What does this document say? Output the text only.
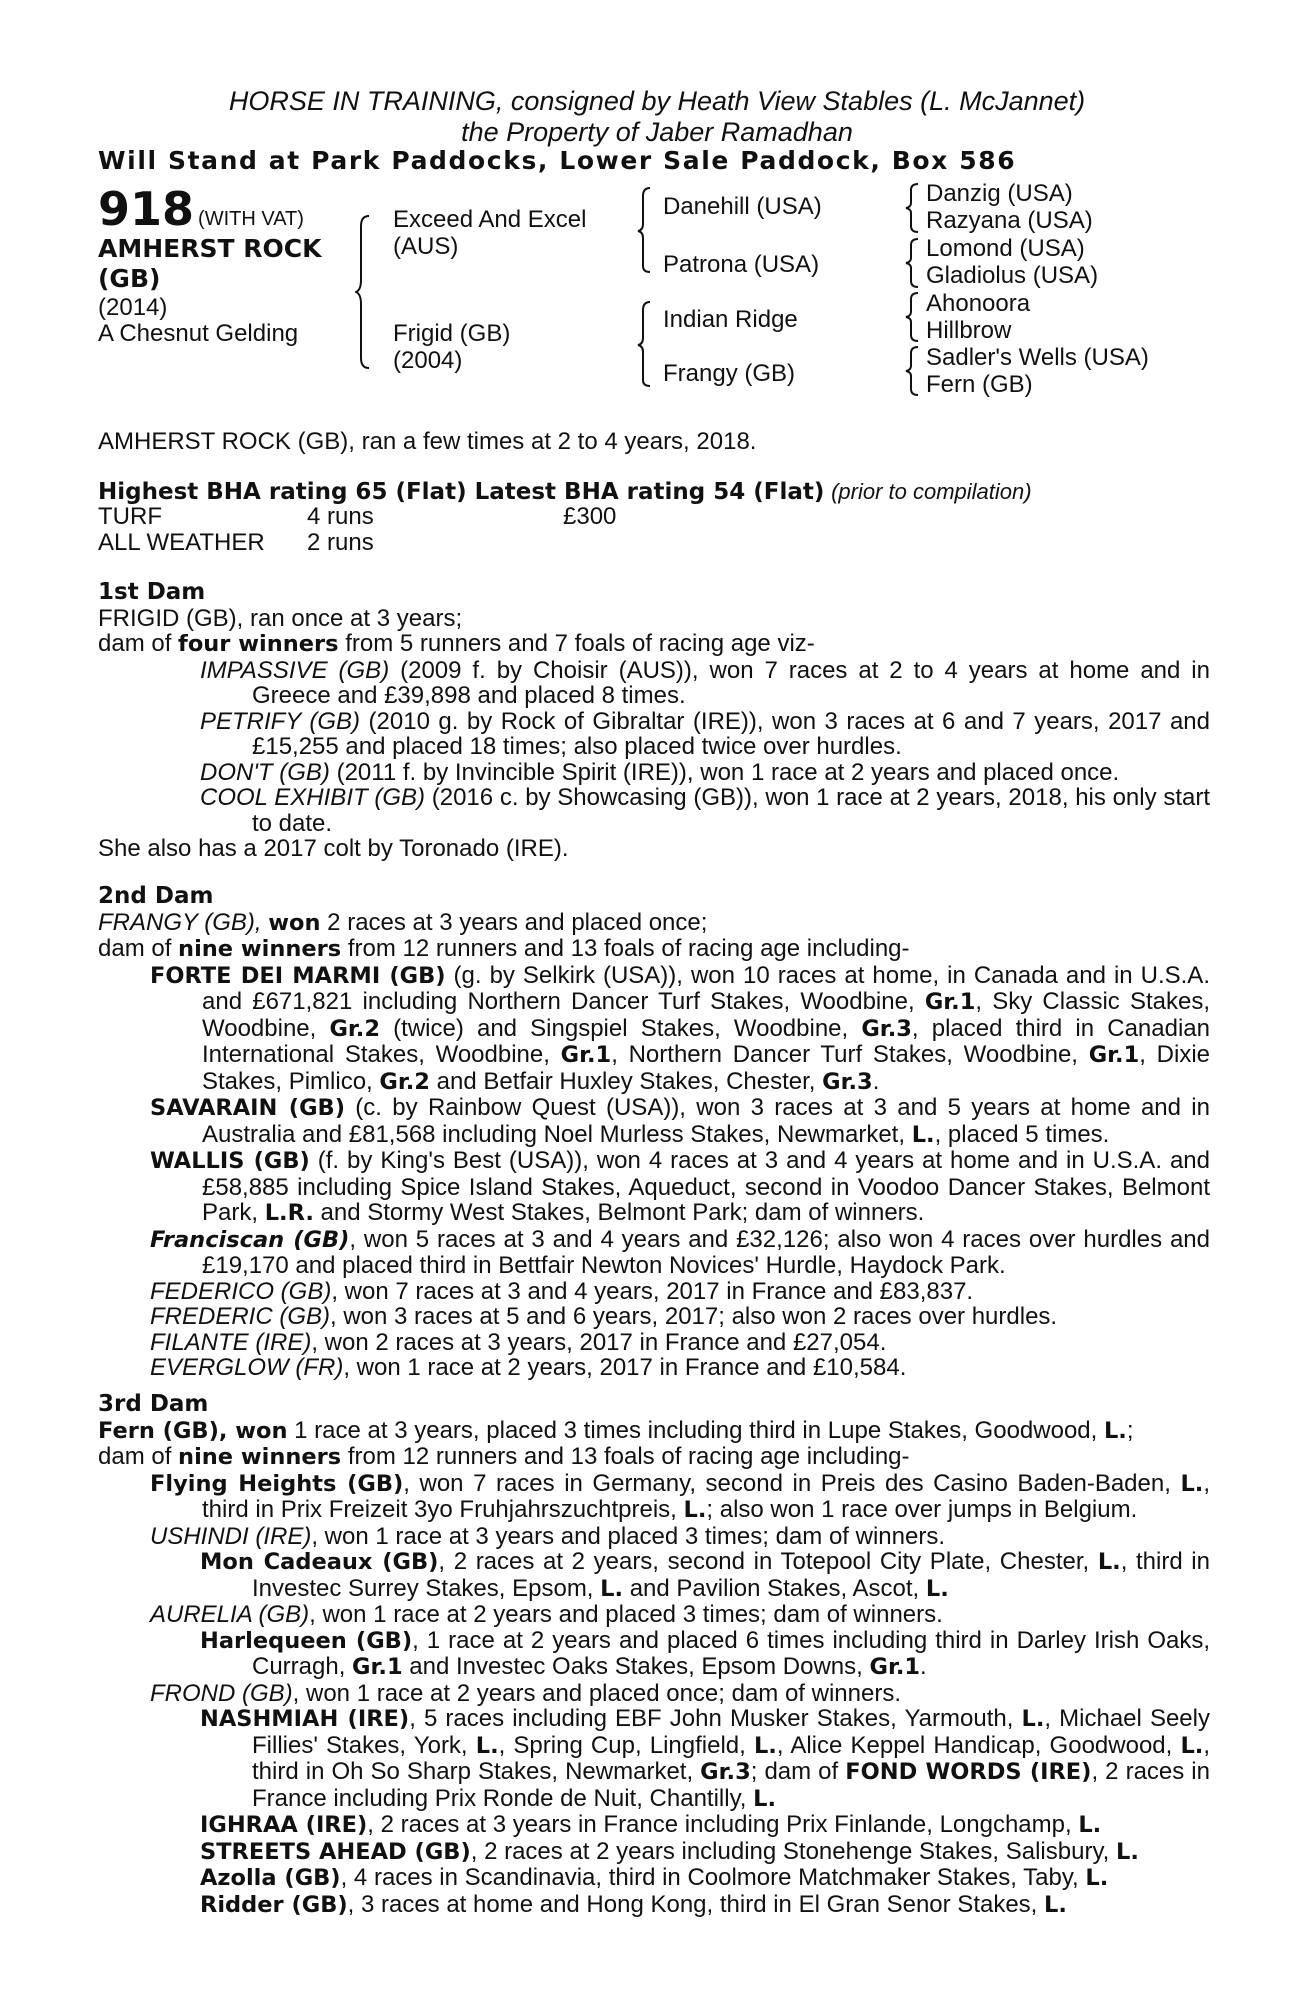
HORSE IN TRAINING, consigned by Heath View Stables (L. McJannet)
the Property of Jaber Ramadhan
Will Stand at Park Paddocks, Lower Sale Paddock, Box 586
918 (WITH VAT)
AMHERST ROCK
(GB)
(2014)
A Chesnut Gelding
Exceed And Excel
(AUS)
Frigid (GB)
(2004)
Danehill (USA)
Patrona (USA)
Indian Ridge
Frangy (GB)
Danzig (USA)
Razyana (USA)
Lomond (USA)
Gladiolus (USA)
Ahonoora
Hillbrow
Sadler's Wells (USA)
Fern (GB)
AMHERST ROCK (GB), ran a few times at 2 to 4 years, 2018.
Highest BHA rating 65 (Flat) Latest BHA rating 54 (Flat) (prior to compilation)
TURF	4 runs	£300
ALL WEATHER 2 runs

1st Dam

FRIGID (GB), ran once at 3 years;

dam of four winners from 5 runners and 7 foals of racing age viz-

IMPASSIVE (GB) (2009 f. by Choisir (AUS)), won 7 races at 2 to 4 years at home and in Greece and £39,898 and placed 8 times.

PETRIFY (GB) (2010 g. by Rock of Gibraltar (IRE)), won 3 races at 6 and 7 years, 2017 and £15,255 and placed 18 times; also placed twice over hurdles.

DON'T (GB) (2011 f. by Invincible Spirit (IRE)), won 1 race at 2 years and placed once.

COOL EXHIBIT (GB) (2016 c. by Showcasing (GB)), won 1 race at 2 years, 2018, his only start to date.

She also has a 2017 colt by Toronado (IRE).

2nd Dam

FRANGY (GB), won 2 races at 3 years and placed once;

dam of nine winners from 12 runners and 13 foals of racing age including-

FORTE DEI MARMI (GB) (g. by Selkirk (USA)), won 10 races at home, in Canada and in U.S.A. and £671,821 including Northern Dancer Turf Stakes, Woodbine, Gr.1, Sky Classic Stakes, Woodbine, Gr.2 (twice) and Singspiel Stakes, Woodbine, Gr.3, placed third in Canadian International Stakes, Woodbine, Gr.1, Northern Dancer Turf Stakes, Woodbine, Gr.1, Dixie Stakes, Pimlico, Gr.2 and Betfair Huxley Stakes, Chester, Gr.3.

SAVARAIN (GB) (c. by Rainbow Quest (USA)), won 3 races at 3 and 5 years at home and in Australia and £81,568 including Noel Murless Stakes, Newmarket, L., placed 5 times.

WALLIS (GB) (f. by King's Best (USA)), won 4 races at 3 and 4 years at home and in U.S.A. and £58,885 including Spice Island Stakes, Aqueduct, second in Voodoo Dancer Stakes, Belmont Park, L.R. and Stormy West Stakes, Belmont Park; dam of winners.

Franciscan (GB), won 5 races at 3 and 4 years and £32,126; also won 4 races over hurdles and £19,170 and placed third in Bettfair Newton Novices' Hurdle, Haydock Park.

FEDERICO (GB), won 7 races at 3 and 4 years, 2017 in France and £83,837.

FREDERIC (GB), won 3 races at 5 and 6 years, 2017; also won 2 races over hurdles.

FILANTE (IRE), won 2 races at 3 years, 2017 in France and £27,054.

EVERGLOW (FR), won 1 race at 2 years, 2017 in France and £10,584.

3rd Dam

Fern (GB), won 1 race at 3 years, placed 3 times including third in Lupe Stakes, Goodwood, L.;

dam of nine winners from 12 runners and 13 foals of racing age including-

Flying Heights (GB), won 7 races in Germany, second in Preis des Casino Baden-Baden, L., third in Prix Freizeit 3yo Fruhjahrszuchtpreis, L.; also won 1 race over jumps in Belgium.

USHINDI (IRE), won 1 race at 3 years and placed 3 times; dam of winners.

Mon Cadeaux (GB), 2 races at 2 years, second in Totepool City Plate, Chester, L., third in Investec Surrey Stakes, Epsom, L. and Pavilion Stakes, Ascot, L.

AURELIA (GB), won 1 race at 2 years and placed 3 times; dam of winners.

Harlequeen (GB), 1 race at 2 years and placed 6 times including third in Darley Irish Oaks, Curragh, Gr.1 and Investec Oaks Stakes, Epsom Downs, Gr.1.

FROND (GB), won 1 race at 2 years and placed once; dam of winners.

NASHMIAH (IRE), 5 races including EBF John Musker Stakes, Yarmouth, L., Michael Seely Fillies' Stakes, York, L., Spring Cup, Lingfield, L., Alice Keppel Handicap, Goodwood, L., third in Oh So Sharp Stakes, Newmarket, Gr.3; dam of FOND WORDS (IRE), 2 races in France including Prix Ronde de Nuit, Chantilly, L.

IGHRAA (IRE), 2 races at 3 years in France including Prix Finlande, Longchamp, L.

STREETS AHEAD (GB), 2 races at 2 years including Stonehenge Stakes, Salisbury, L.

Azolla (GB), 4 races in Scandinavia, third in Coolmore Matchmaker Stakes, Taby, L.

Ridder (GB), 3 races at home and Hong Kong, third in El Gran Senor Stakes, L.
